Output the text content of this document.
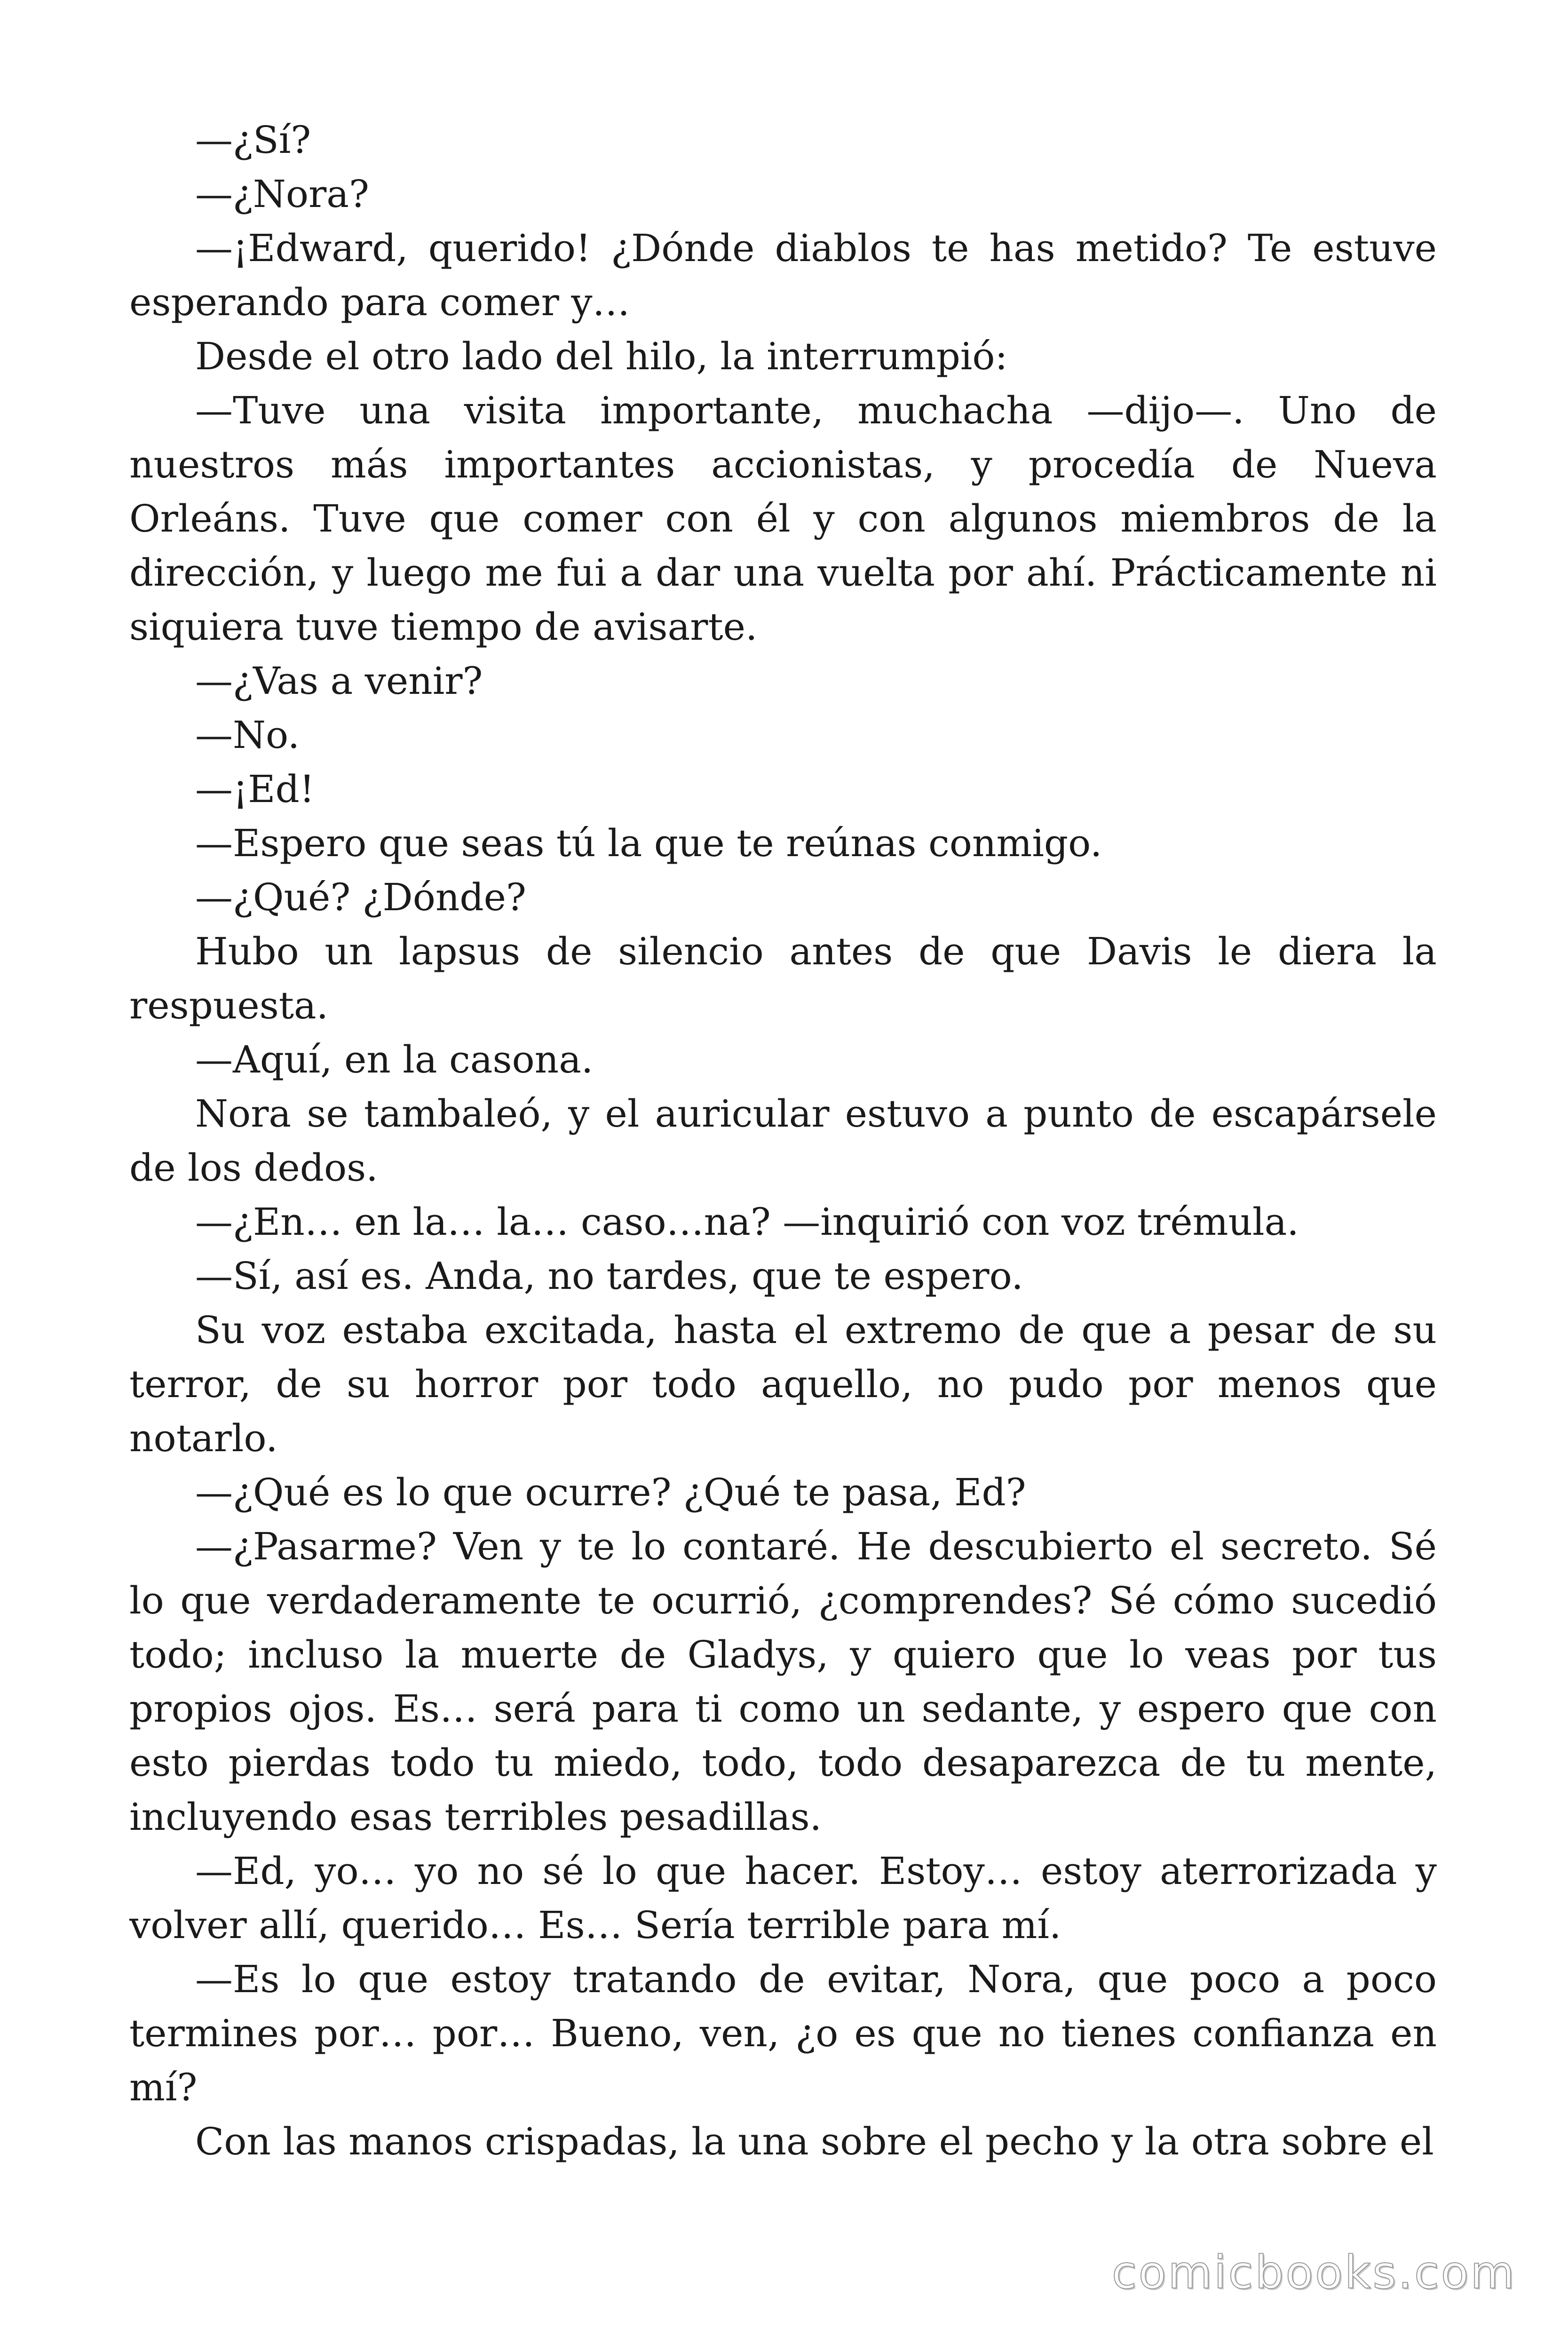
—¿Sí?

—¿Nora?

—¡Edward, querido! ¿Dónde diablos te has metido? Te estuve esperando para comer y…

Desde el otro lado del hilo, la interrumpió:

—Tuve una visita importante, muchacha —dijo—. Uno de nuestros más importantes accionistas, y procedía de Nueva Orleáns. Tuve que comer con él y con algunos miembros de la dirección, y luego me fui a dar una vuelta por ahí. Prácticamente ni siquiera tuve tiempo de avisarte.

—¿Vas a venir?

—No.

—¡Ed!

—Espero que seas tú la que te reúnas conmigo.

—¿Qué? ¿Dónde?

Hubo un lapsus de silencio antes de que Davis le diera la respuesta.

—Aquí, en la casona.

Nora se tambaleó, y el auricular estuvo a punto de escapársele de los dedos.

—¿En… en la… la… caso…na? —inquirió con voz trémula.

—Sí, así es. Anda, no tardes, que te espero.

Su voz estaba excitada, hasta el extremo de que a pesar de su terror, de su horror por todo aquello, no pudo por menos que notarlo.

—¿Qué es lo que ocurre? ¿Qué te pasa, Ed?

—¿Pasarme? Ven y te lo contaré. He descubierto el secreto. Sé lo que verdaderamente te ocurrió, ¿comprendes? Sé cómo sucedió todo; incluso la muerte de Gladys, y quiero que lo veas por tus propios ojos. Es… será para ti como un sedante, y espero que con esto pierdas todo tu miedo, todo, todo desaparezca de tu mente, incluyendo esas terribles pesadillas.

—Ed, yo… yo no sé lo que hacer. Estoy… estoy aterrorizada y volver allí, querido… Es… Sería terrible para mí.

—Es lo que estoy tratando de evitar, Nora, que poco a poco termines por… por… Bueno, ven, ¿o es que no tienes confianza en mí?

Con las manos crispadas, la una sobre el pecho y la otra sobre el

comicbooks.com
